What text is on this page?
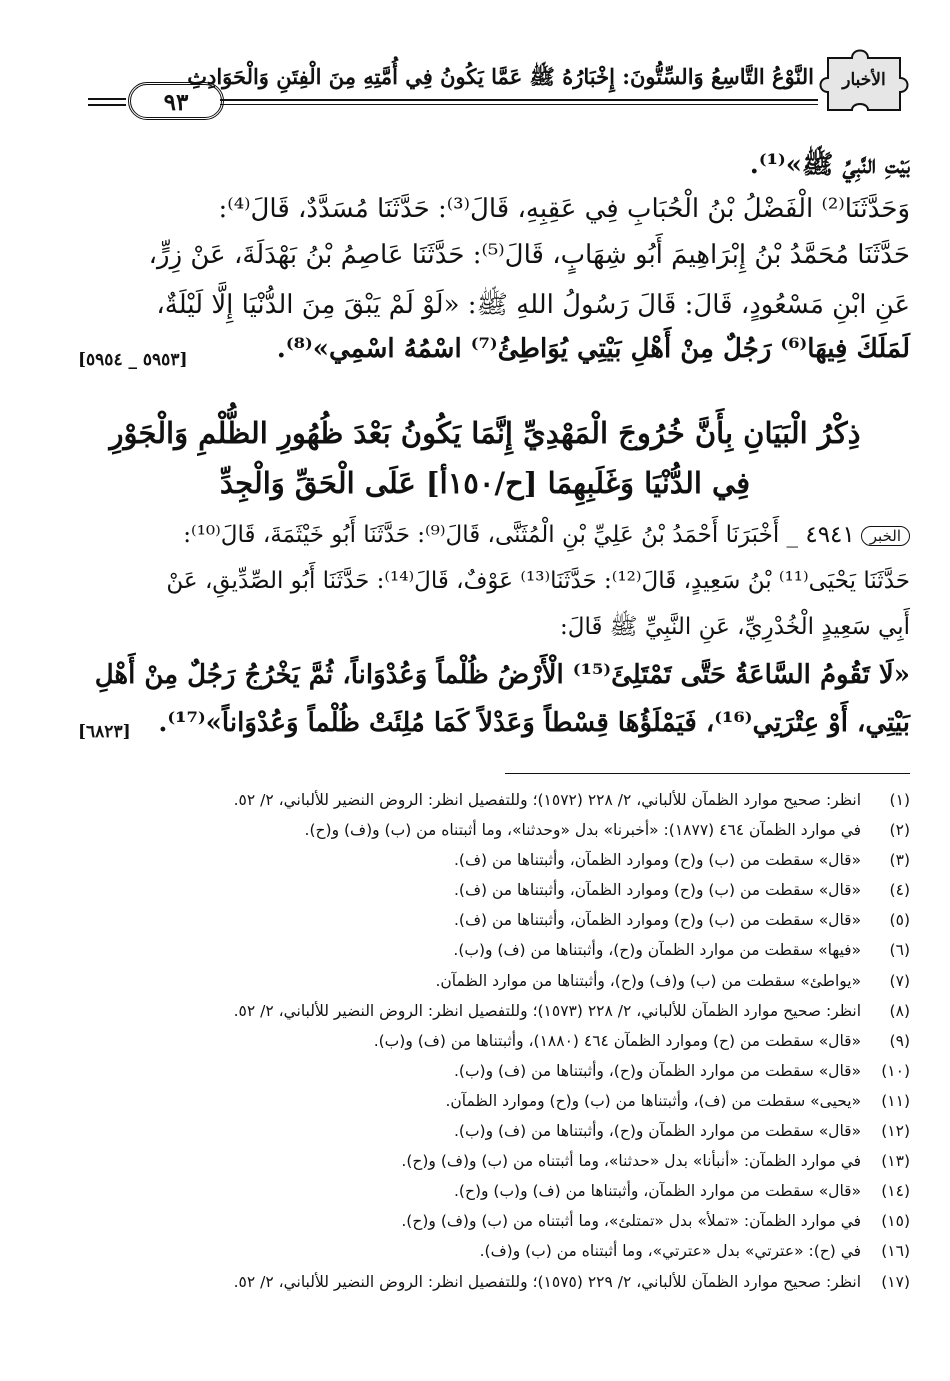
الأخبار
النَّوْعُ التَّاسِعُ وَالسِّتُّونَ: إِخْبَارُهُ ﷺ عَمَّا يَكُونُ فِي أُمَّتِهِ مِنَ الْفِتَنِ وَالْحَوَادِثِ
٩٣
بَيْتِ النَّبِيِّ ﷺ»⁽¹⁾.
وَحَدَّثَنَا⁽²⁾ الْفَضْلُ بْنُ الْحُبَابِ فِي عَقِبِهِ، قَالَ⁽³⁾: حَدَّثَنَا مُسَدَّدٌ، قَالَ⁽⁴⁾:
حَدَّثَنَا مُحَمَّدُ بْنُ إِبْرَاهِيمَ أَبُو شِهَابٍ، قَالَ⁽⁵⁾: حَدَّثَنَا عَاصِمُ بْنُ بَهْدَلَةَ، عَنْ زِرٍّ،
عَنِ ابْنِ مَسْعُودٍ، قَالَ: قَالَ رَسُولُ اللهِ ﷺ: «لَوْ لَمْ يَبْقَ مِنَ الدُّنْيَا إِلَّا لَيْلَةٌ،
لَمَلَكَ فِيهَا⁽⁶⁾ رَجُلٌ مِنْ أَهْلِ بَيْتِي يُوَاطِئُ⁽⁷⁾ اسْمُهُ اسْمِي»⁽⁸⁾.
[٥٩٥٣ _ ٥٩٥٤]
ذِكْرُ الْبَيَانِ بِأَنَّ خُرُوجَ الْمَهْدِيِّ إِنَّمَا يَكُونُ بَعْدَ ظُهُورِ الظُّلْمِ وَالْجَوْرِ
فِي الدُّنْيَا وَغَلَبِهِمَا [ح/١٥٠أ] عَلَى الْحَقِّ وَالْجِدِّ
الخبر٤٩٤١ _ أَخْبَرَنَا أَحْمَدُ بْنُ عَلِيِّ بْنِ الْمُثَنَّى، قَالَ⁽⁹⁾: حَدَّثَنَا أَبُو خَيْثَمَةَ، قَالَ⁽¹⁰⁾:
حَدَّثَنَا يَحْيَى⁽¹¹⁾ بْنُ سَعِيدٍ، قَالَ⁽¹²⁾: حَدَّثَنَا⁽¹³⁾ عَوْفٌ، قَالَ⁽¹⁴⁾: حَدَّثَنَا أَبُو الصِّدِّيقِ، عَنْ
أَبِي سَعِيدٍ الْخُدْرِيِّ، عَنِ النَّبِيِّ ﷺ قَالَ:
«لَا تَقُومُ السَّاعَةُ حَتَّى تَمْتَلِئَ⁽¹⁵⁾ الْأَرْضُ ظُلْماً وَعُدْوَاناً، ثُمَّ يَخْرُجُ رَجُلٌ مِنْ أَهْلِ
بَيْتِي، أَوْ عِتْرَتِي⁽¹⁶⁾، فَيَمْلَؤُهَا قِسْطاً وَعَدْلاً كَمَا مُلِئَتْ ظُلْماً وَعُدْوَاناً»⁽¹⁷⁾.
[٦٨٢٣]
(١) انظر: صحيح موارد الظمآن للألباني، ٢/ ٢٢٨ (١٥٧٢)؛ وللتفصيل انظر: الروض النضير للألباني، ٢/ ٥٢.
(٢) في موارد الظمآن ٤٦٤ (١٨٧٧): «أخبرنا» بدل «وحدثنا»، وما أثبتناه من (ب) و(ف) و(ح).
(٣) «قال» سقطت من (ب) و(ح) وموارد الظمآن، وأثبتناها من (ف).
(٤) «قال» سقطت من (ب) و(ح) وموارد الظمآن، وأثبتناها من (ف).
(٥) «قال» سقطت من (ب) و(ح) وموارد الظمآن، وأثبتناها من (ف).
(٦) «فيها» سقطت من موارد الظمآن و(ح)، وأثبتناها من (ف) و(ب).
(٧) «يواطئ» سقطت من (ب) و(ف) و(ح)، وأثبتناها من موارد الظمآن.
(٨) انظر: صحيح موارد الظمآن للألباني، ٢/ ٢٢٨ (١٥٧٣)؛ وللتفصيل انظر: الروض النضير للألباني، ٢/ ٥٢.
(٩) «قال» سقطت من (ح) وموارد الظمآن ٤٦٤ (١٨٨٠)، وأثبتناها من (ف) و(ب).
(١٠) «قال» سقطت من موارد الظمآن و(ح)، وأثبتناها من (ف) و(ب).
(١١) «يحيى» سقطت من (ف)، وأثبتناها من (ب) و(ح) وموارد الظمآن.
(١٢) «قال» سقطت من موارد الظمآن و(ح)، وأثبتناها من (ف) و(ب).
(١٣) في موارد الظمآن: «أنبأنا» بدل «حدثنا»، وما أثبتناه من (ب) و(ف) و(ح).
(١٤) «قال» سقطت من موارد الظمآن، وأثبتناها من (ف) و(ب) و(ح).
(١٥) في موارد الظمآن: «تملأ» بدل «تمتلئ»، وما أثبتناه من (ب) و(ف) و(ح).
(١٦) في (ح): «عترتي» بدل «عترتي»، وما أثبتناه من (ب) و(ف).
(١٧) انظر: صحيح موارد الظمآن للألباني، ٢/ ٢٢٩ (١٥٧٥)؛ وللتفصيل انظر: الروض النضير للألباني، ٢/ ٥٢.
